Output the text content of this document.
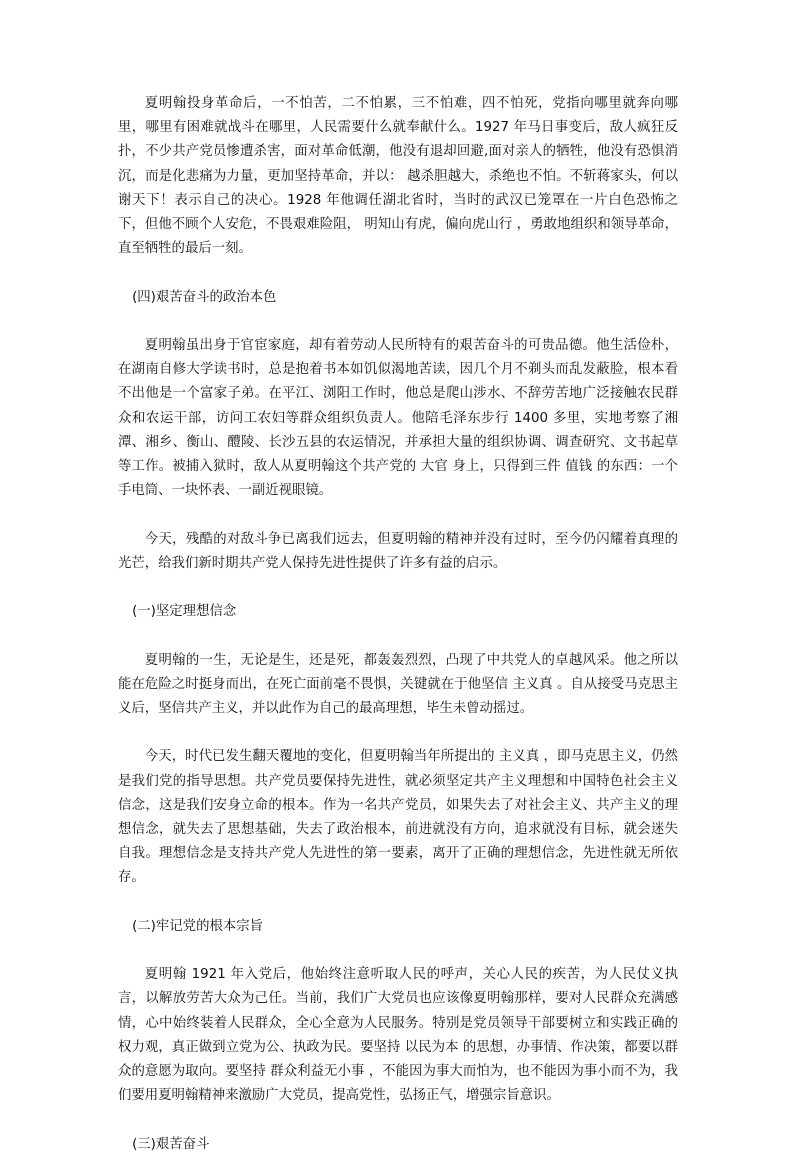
夏明翰投身革命后，一不怕苦，二不怕累，三不怕难，四不怕死，党指向哪里就奔向哪里，哪里有困难就战斗在哪里，人民需要什么就奉献什么。1927 年马日事变后，敌人疯狂反扑，不少共产党员惨遭杀害，面对革命低潮，他没有退却回避,面对亲人的牺牲，他没有恐惧消沉，而是化悲痛为力量，更加坚持革命，并以： 越杀胆越大，杀绝也不怕。不斩蒋家头，何以谢天下！表示自己的决心。1928 年他调任湖北省时，当时的武汉已笼罩在一片白色恐怖之下，但他不顾个人安危，不畏艰难险阻， 明知山有虎，偏向虎山行 ，勇敢地组织和领导革命，直至牺牲的最后一刻。

(四)艰苦奋斗的政治本色

夏明翰虽出身于官宦家庭，却有着劳动人民所特有的艰苦奋斗的可贵品德。他生活俭朴，在湖南自修大学读书时，总是抱着书本如饥似渴地苦读，因几个月不剃头而乱发蔽脸，根本看不出他是一个富家子弟。在平江、浏阳工作时，他总是爬山涉水、不辞劳苦地广泛接触农民群众和农运干部，访问工农妇等群众组织负责人。他陪毛泽东步行 1400 多里，实地考察了湘潭、湘乡、衡山、醴陵、长沙五县的农运情况，并承担大量的组织协调、调查研究、文书起草等工作。被捕入狱时，敌人从夏明翰这个共产党的 大官 身上，只得到三件 值钱 的东西：一个手电筒、一块怀表、一副近视眼镜。

今天，残酷的对敌斗争已离我们远去，但夏明翰的精神并没有过时，至今仍闪耀着真理的光芒，给我们新时期共产党人保持先进性提供了许多有益的启示。

(一)坚定理想信念

夏明翰的一生，无论是生，还是死，都轰轰烈烈，凸现了中共党人的卓越风采。他之所以能在危险之时挺身而出，在死亡面前毫不畏惧，关键就在于他坚信 主义真 。自从接受马克思主义后，坚信共产主义，并以此作为自己的最高理想，毕生未曾动摇过。

今天，时代已发生翻天覆地的变化，但夏明翰当年所提出的 主义真 ，即马克思主义，仍然是我们党的指导思想。共产党员要保持先进性，就必须坚定共产主义理想和中国特色社会主义信念，这是我们安身立命的根本。作为一名共产党员，如果失去了对社会主义、共产主义的理想信念，就失去了思想基础，失去了政治根本，前进就没有方向，追求就没有目标，就会迷失自我。理想信念是支持共产党人先进性的第一要素，离开了正确的理想信念，先进性就无所依存。

(二)牢记党的根本宗旨

夏明翰 1921 年入党后，他始终注意听取人民的呼声，关心人民的疾苦，为人民仗义执言，以解放劳苦大众为己任。当前，我们广大党员也应该像夏明翰那样，要对人民群众充满感情，心中始终装着人民群众，全心全意为人民服务。特别是党员领导干部要树立和实践正确的权力观，真正做到立党为公、执政为民。要坚持 以民为本 的思想，办事情、作决策，都要以群众的意愿为取向。要坚持 群众利益无小事 ，不能因为事大而怕为，也不能因为事小而不为，我们要用夏明翰精神来激励广大党员，提高党性，弘扬正气，增强宗旨意识。

(三)艰苦奋斗
